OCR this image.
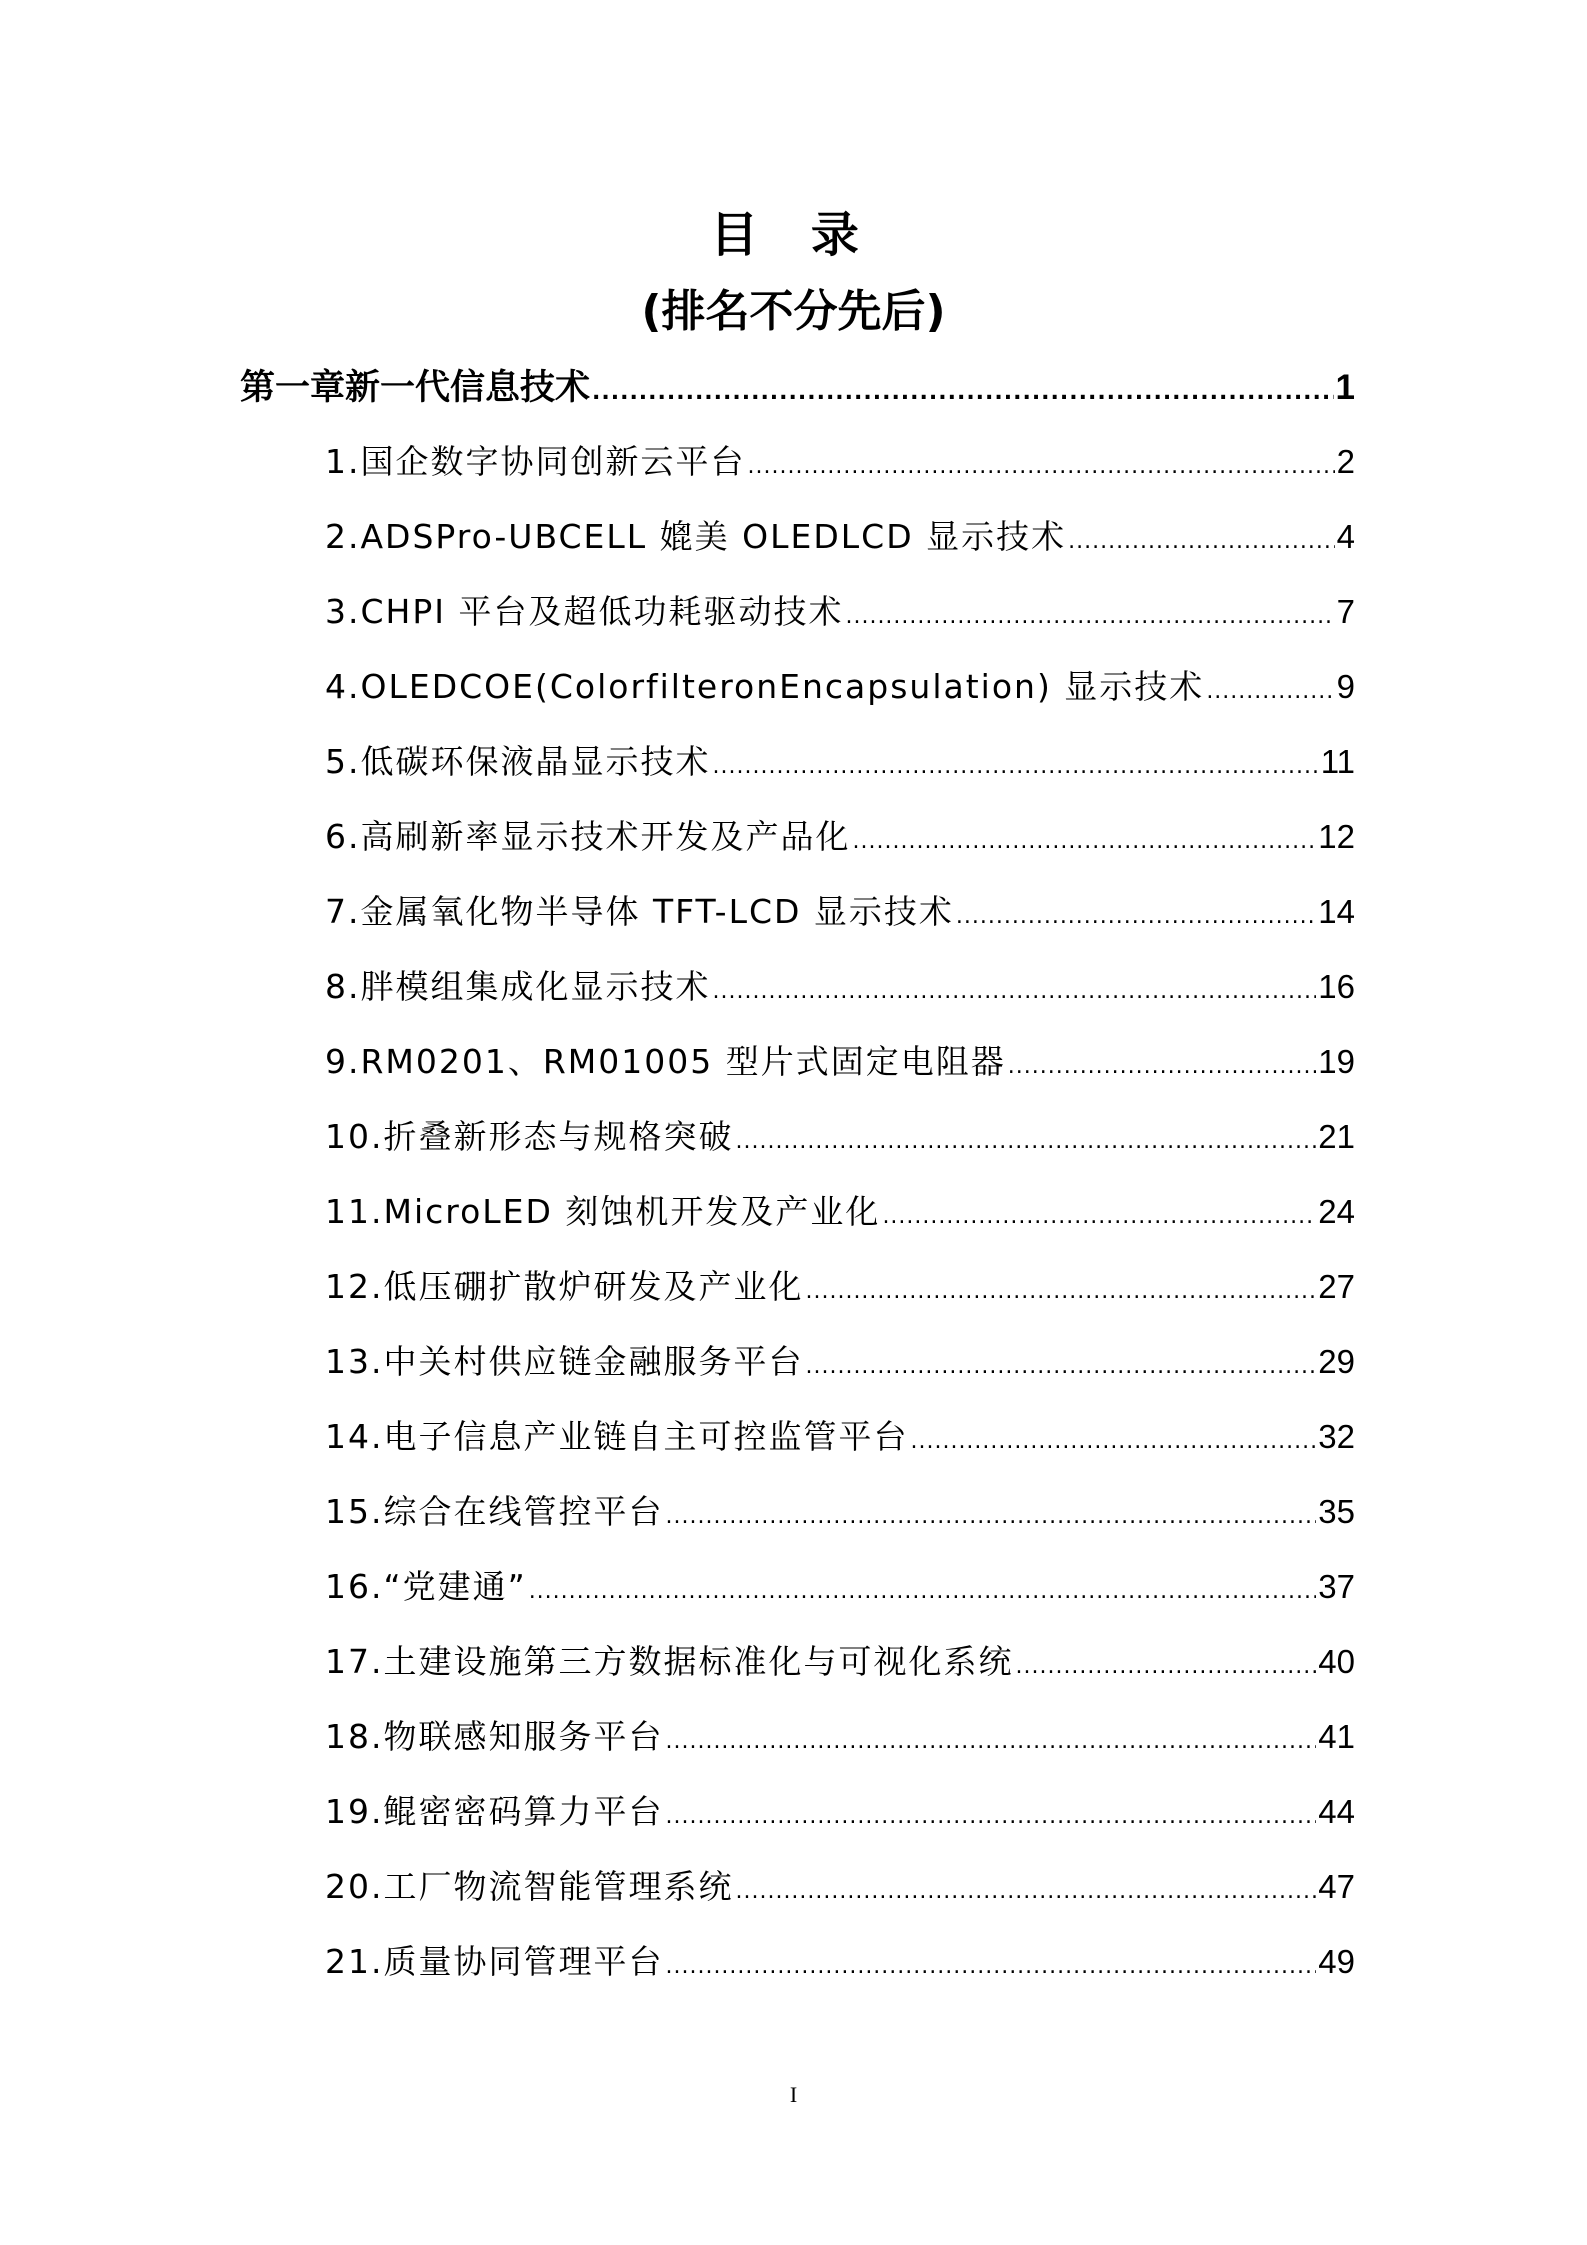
目 录
(排名不分先后)
第一章新一代信息技术 .....	1
1.国企数字协同创新云平台 .....	2
2.ADSPro-UBCELL 媲美 OLEDLCD 显示技术 .....	4
3.CHPI 平台及超低功耗驱动技术 .....	7
4.OLEDCOE(ColorfilteronEncapsulation) 显示技术 .....	9
5.低碳环保液晶显示技术 .....	11
6.高刷新率显示技术开发及产品化 .....	12
7.金属氧化物半导体 TFT-LCD 显示技术 .....	14
8.胖模组集成化显示技术 .....	16
9.RM0201、RM01005 型片式固定电阻器 .....	19
10.折叠新形态与规格突破 .....	21
11.MicroLED 刻蚀机开发及产业化 .....	24
12.低压硼扩散炉研发及产业化 .....	27
13.中关村供应链金融服务平台 .....	29
14.电子信息产业链自主可控监管平台 .....	32
15.综合在线管控平台 .....	35
16.“党建通” .....	37
17.土建设施第三方数据标准化与可视化系统 .....	40
18.物联感知服务平台 .....	41
19.鲲密密码算力平台 .....	44
20.工厂物流智能管理系统 .....	47
21.质量协同管理平台 .....	49
I
